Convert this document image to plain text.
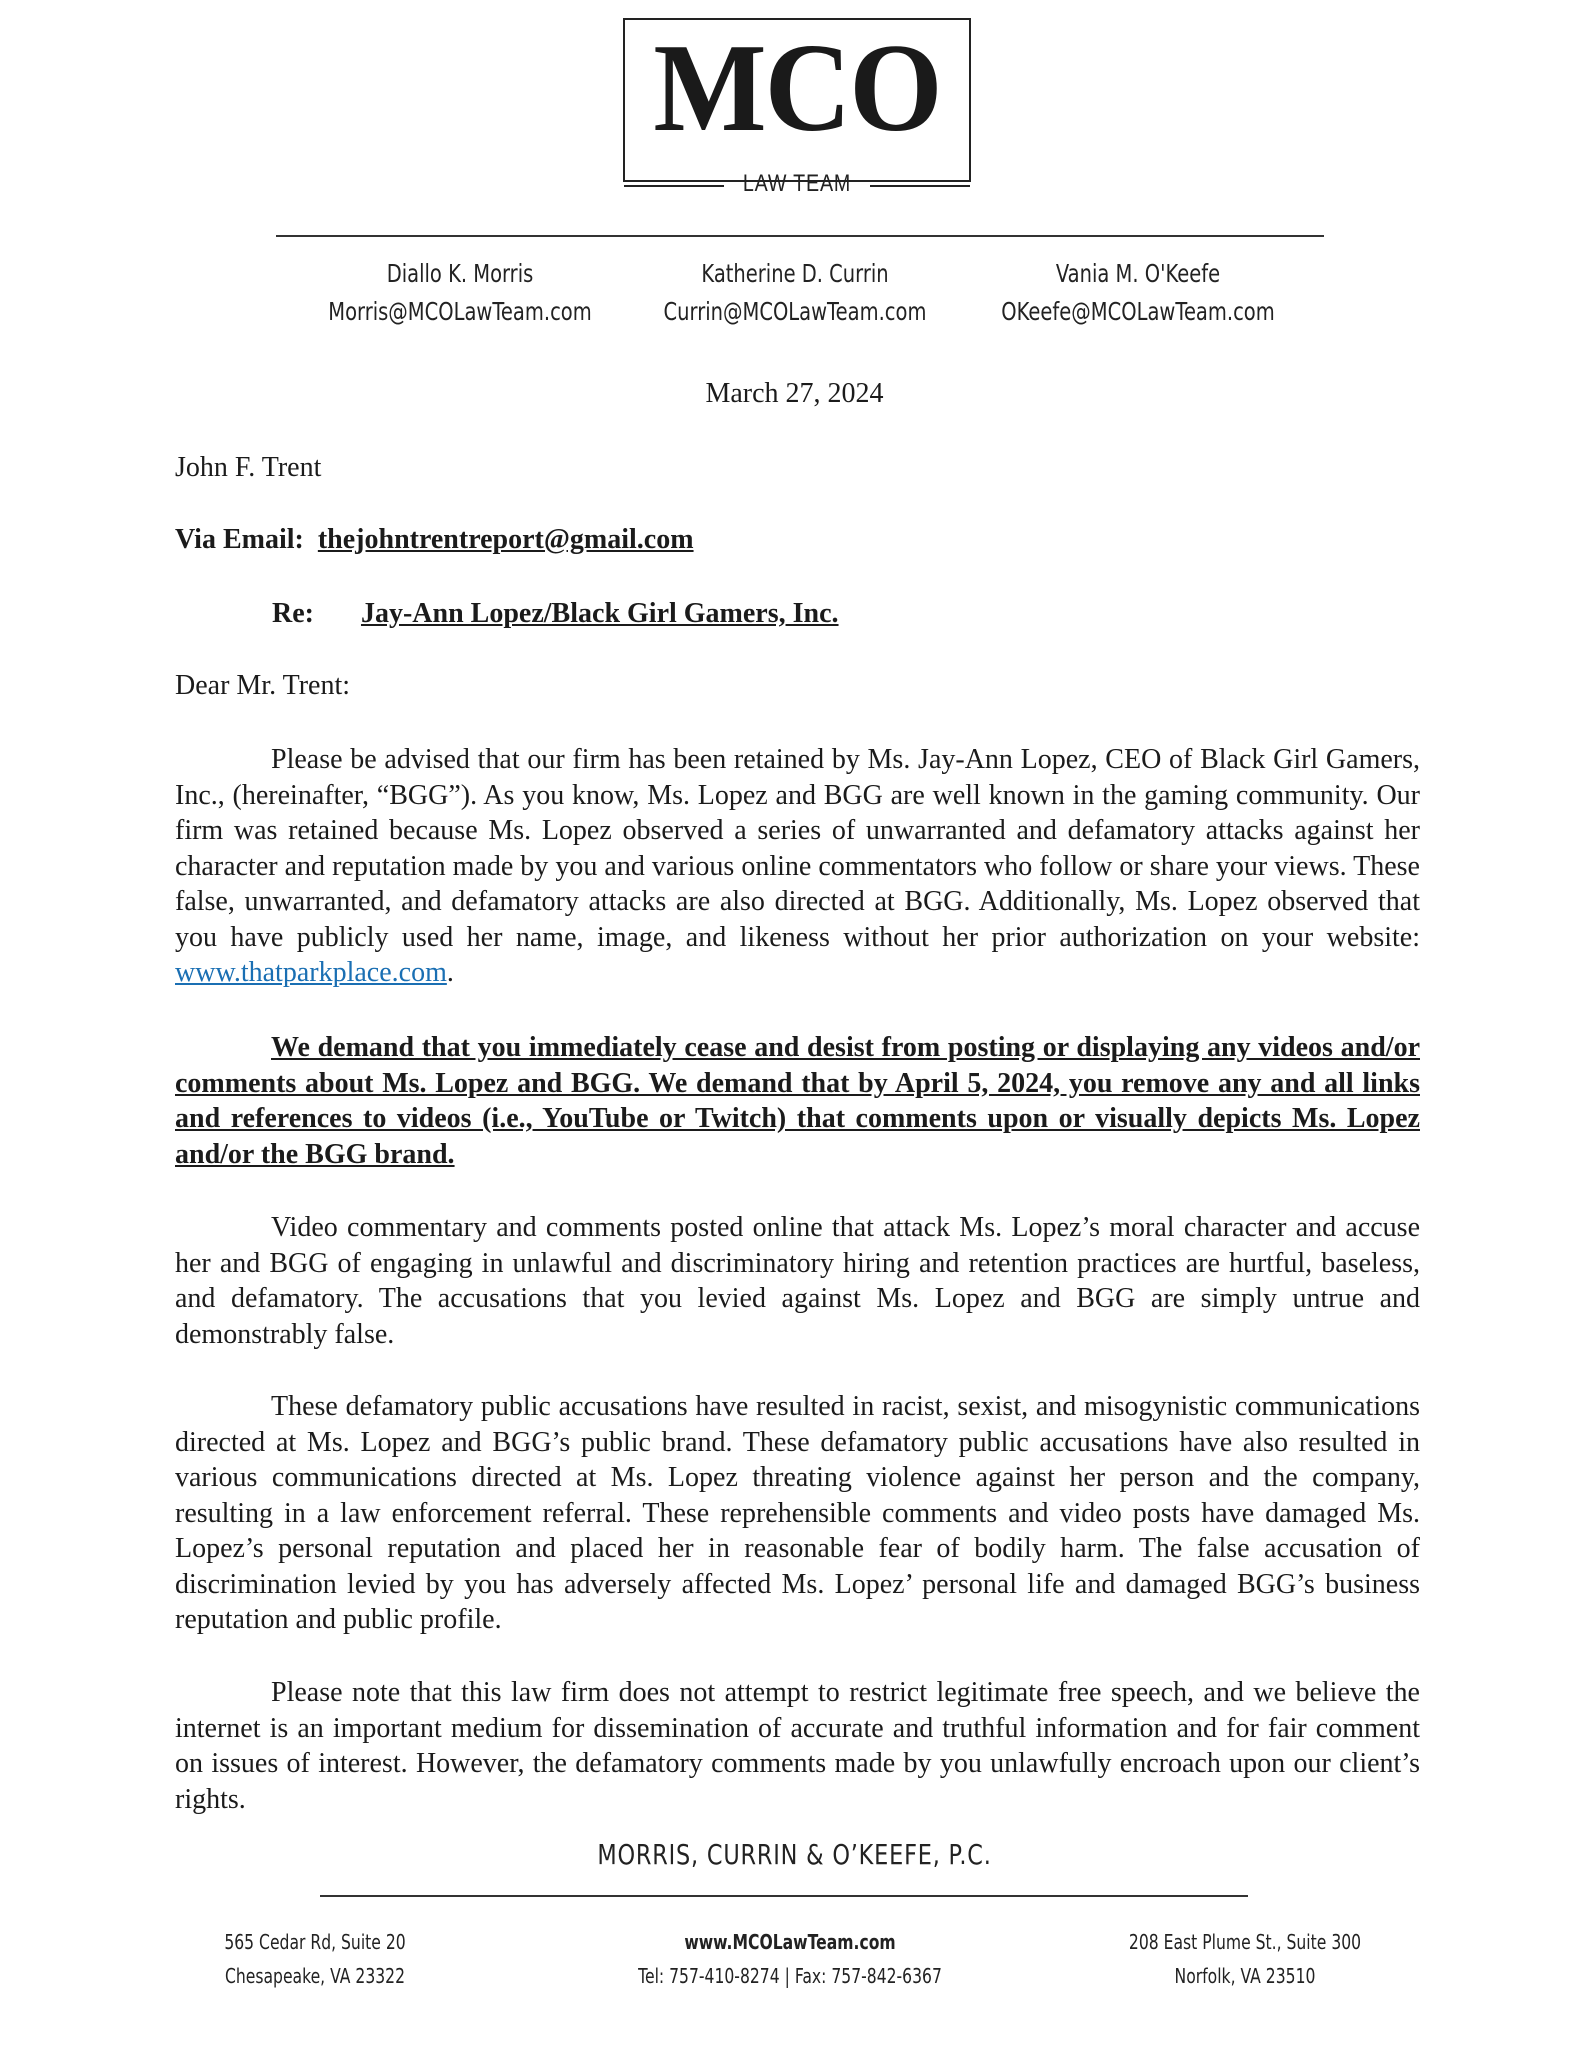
MCO
LAW TEAM
Diallo K. Morris
Morris@MCOLawTeam.com
Katherine D. Currin
Currin@MCOLawTeam.com
Vania M. O'Keefe
OKeefe@MCOLawTeam.com
March 27, 2024
John F. Trent
Via Email: thejohntrentreport@gmail.com
Re: Jay-Ann Lopez/Black Girl Gamers, Inc.
Dear Mr. Trent:
Please be advised that our firm has been retained by Ms. Jay-Ann Lopez, CEO of Black Girl Gamers, Inc., (hereinafter, “BGG”). As you know, Ms. Lopez and BGG are well known in the gaming community. Our firm was retained because Ms. Lopez observed a series of unwarranted and defamatory attacks against her character and reputation made by you and various online commentators who follow or share your views. These false, unwarranted, and defamatory attacks are also directed at BGG. Additionally, Ms. Lopez observed that you have publicly used her name, image, and likeness without her prior authorization on your website: www.thatparkplace.com.
We demand that you immediately cease and desist from posting or displaying any videos and/or comments about Ms. Lopez and BGG. We demand that by April 5, 2024, you remove any and all links and references to videos (i.e., YouTube or Twitch) that comments upon or visually depicts Ms. Lopez and/or the BGG brand.
Video commentary and comments posted online that attack Ms. Lopez’s moral character and accuse her and BGG of engaging in unlawful and discriminatory hiring and retention practices are hurtful, baseless, and defamatory. The accusations that you levied against Ms. Lopez and BGG are simply untrue and demonstrably false.
These defamatory public accusations have resulted in racist, sexist, and misogynistic communications directed at Ms. Lopez and BGG’s public brand. These defamatory public accusations have also resulted in various communications directed at Ms. Lopez threating violence against her person and the company, resulting in a law enforcement referral. These reprehensible comments and video posts have damaged Ms. Lopez’s personal reputation and placed her in reasonable fear of bodily harm. The false accusation of discrimination levied by you has adversely affected Ms. Lopez’ personal life and damaged BGG’s business reputation and public profile.
Please note that this law firm does not attempt to restrict legitimate free speech, and we believe the internet is an important medium for dissemination of accurate and truthful information and for fair comment on issues of interest. However, the defamatory comments made by you unlawfully encroach upon our client’s rights.
MORRIS, CURRIN & O’KEEFE, P.C.
565 Cedar Rd, Suite 20
Chesapeake, VA 23322
www.MCOLawTeam.com
Tel: 757-410-8274 | Fax: 757-842-6367
208 East Plume St., Suite 300
Norfolk, VA 23510
